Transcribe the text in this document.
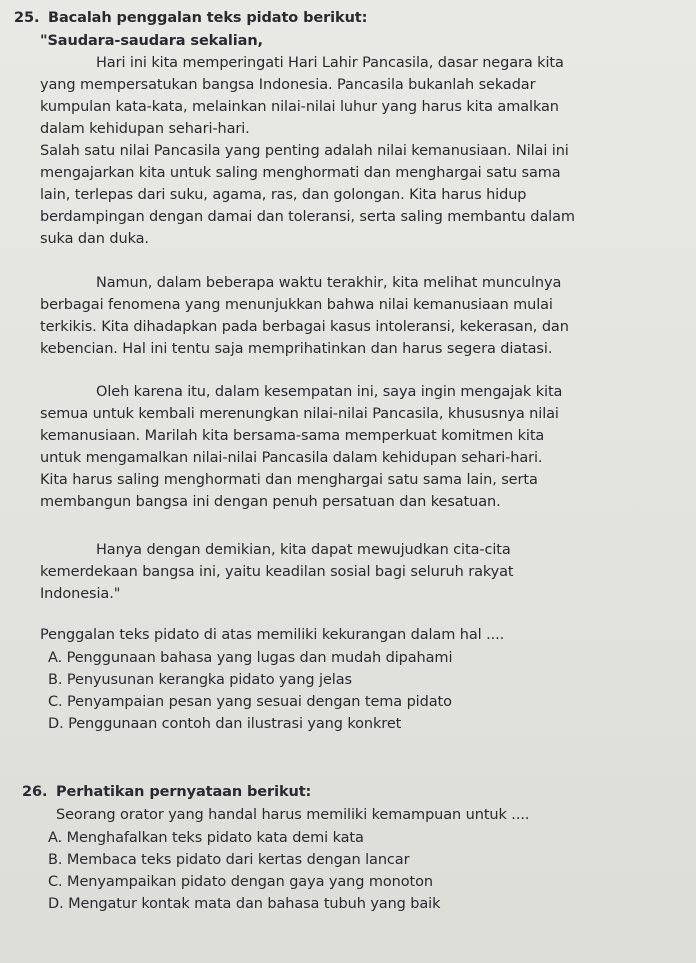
25. Bacalah penggalan teks pidato berikut:
"Saudara-saudara sekalian,
Hari ini kita memperingati Hari Lahir Pancasila, dasar negara kita
yang mempersatukan bangsa Indonesia. Pancasila bukanlah sekadar
kumpulan kata-kata, melainkan nilai-nilai luhur yang harus kita amalkan
dalam kehidupan sehari-hari.
Salah satu nilai Pancasila yang penting adalah nilai kemanusiaan. Nilai ini
mengajarkan kita untuk saling menghormati dan menghargai satu sama
lain, terlepas dari suku, agama, ras, dan golongan. Kita harus hidup
berdampingan dengan damai dan toleransi, serta saling membantu dalam
suka dan duka.
Namun, dalam beberapa waktu terakhir, kita melihat munculnya
berbagai fenomena yang menunjukkan bahwa nilai kemanusiaan mulai
terkikis. Kita dihadapkan pada berbagai kasus intoleransi, kekerasan, dan
kebencian. Hal ini tentu saja memprihatinkan dan harus segera diatasi.
Oleh karena itu, dalam kesempatan ini, saya ingin mengajak kita
semua untuk kembali merenungkan nilai-nilai Pancasila, khususnya nilai
kemanusiaan. Marilah kita bersama-sama memperkuat komitmen kita
untuk mengamalkan nilai-nilai Pancasila dalam kehidupan sehari-hari.
Kita harus saling menghormati dan menghargai satu sama lain, serta
membangun bangsa ini dengan penuh persatuan dan kesatuan.
Hanya dengan demikian, kita dapat mewujudkan cita-cita
kemerdekaan bangsa ini, yaitu keadilan sosial bagi seluruh rakyat
Indonesia."
Penggalan teks pidato di atas memiliki kekurangan dalam hal ....
A. Penggunaan bahasa yang lugas dan mudah dipahami
B. Penyusunan kerangka pidato yang jelas
C. Penyampaian pesan yang sesuai dengan tema pidato
D. Penggunaan contoh dan ilustrasi yang konkret
26. Perhatikan pernyataan berikut:
Seorang orator yang handal harus memiliki kemampuan untuk ....
A. Menghafalkan teks pidato kata demi kata
B. Membaca teks pidato dari kertas dengan lancar
C. Menyampaikan pidato dengan gaya yang monoton
D. Mengatur kontak mata dan bahasa tubuh yang baik
